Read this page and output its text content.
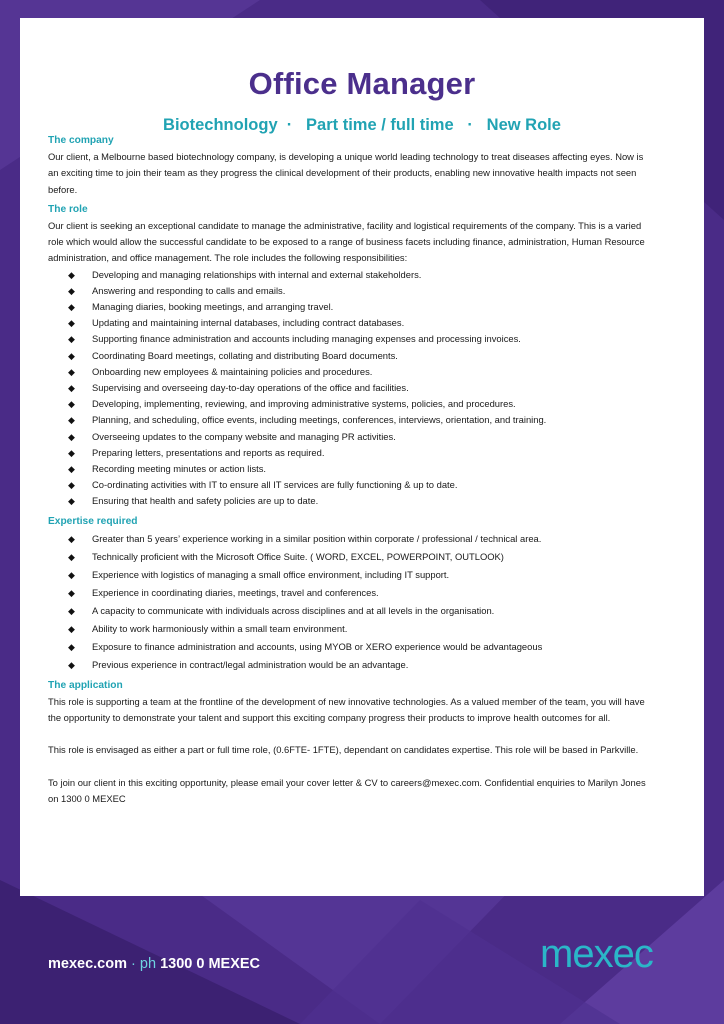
Office Manager
Biotechnology  ·   Part time / full time   ·   New Role
The company
Our client, a Melbourne based biotechnology company, is developing a unique world leading technology to treat diseases affecting eyes. Now is an exciting time to join their team as they progress the clinical development of their products, enabling new innovative health impacts not seen before.
The role
Our client is seeking an exceptional candidate to manage the administrative, facility and logistical requirements of the company. This is a varied role which would allow the successful candidate to be exposed to a range of business facets including finance, administration, Human Resource administration, and office management. The role includes the following responsibilities:
◆ Developing and managing relationships with internal and external stakeholders.
◆ Answering and responding to calls and emails.
◆ Managing diaries, booking meetings, and arranging travel.
◆ Updating and maintaining internal databases, including contract databases.
◆ Supporting finance administration and accounts including managing expenses and processing invoices.
◆ Coordinating Board meetings, collating and distributing Board documents.
◆ Onboarding new employees & maintaining policies and procedures.
◆ Supervising and overseeing day-to-day operations of the office and facilities.
◆ Developing, implementing, reviewing, and improving administrative systems, policies, and procedures.
◆ Planning, and scheduling, office events, including meetings, conferences, interviews, orientation, and training.
◆ Overseeing updates to the company website and managing PR activities.
◆ Preparing letters, presentations and reports as required.
◆ Recording meeting minutes or action lists.
◆ Co-ordinating activities with IT to ensure all IT services are fully functioning & up to date.
◆ Ensuring that health and safety policies are up to date.
Expertise required
◆ Greater than 5 years’ experience working in a similar position within corporate / professional / technical area.
◆ Technically proficient with the Microsoft Office Suite. ( WORD, EXCEL, POWERPOINT, OUTLOOK)
◆ Experience with logistics of managing a small office environment, including IT support.
◆ Experience in coordinating diaries, meetings, travel and conferences.
◆ A capacity to communicate with individuals across disciplines and at all levels in the organisation.
◆ Ability to work harmoniously within a small team environment.
◆ Exposure to finance administration and accounts, using MYOB or XERO experience would be advantageous
◆ Previous experience in contract/legal administration would be an advantage.
The application
This role is supporting a team at the frontline of the development of new innovative technologies. As a valued member of the team, you will have the opportunity to demonstrate your talent and support this exciting company progress their products to improve health outcomes for all.
This role is envisaged as either a part or full time role, (0.6FTE- 1FTE), dependant on candidates expertise. This role will be based in Parkville.
To join our client in this exciting opportunity, please email your cover letter & CV to careers@mexec.com. Confidential enquiries to Marilyn Jones on 1300 0 MEXEC
mexec.com · ph 1300 0 MEXEC	mexec
